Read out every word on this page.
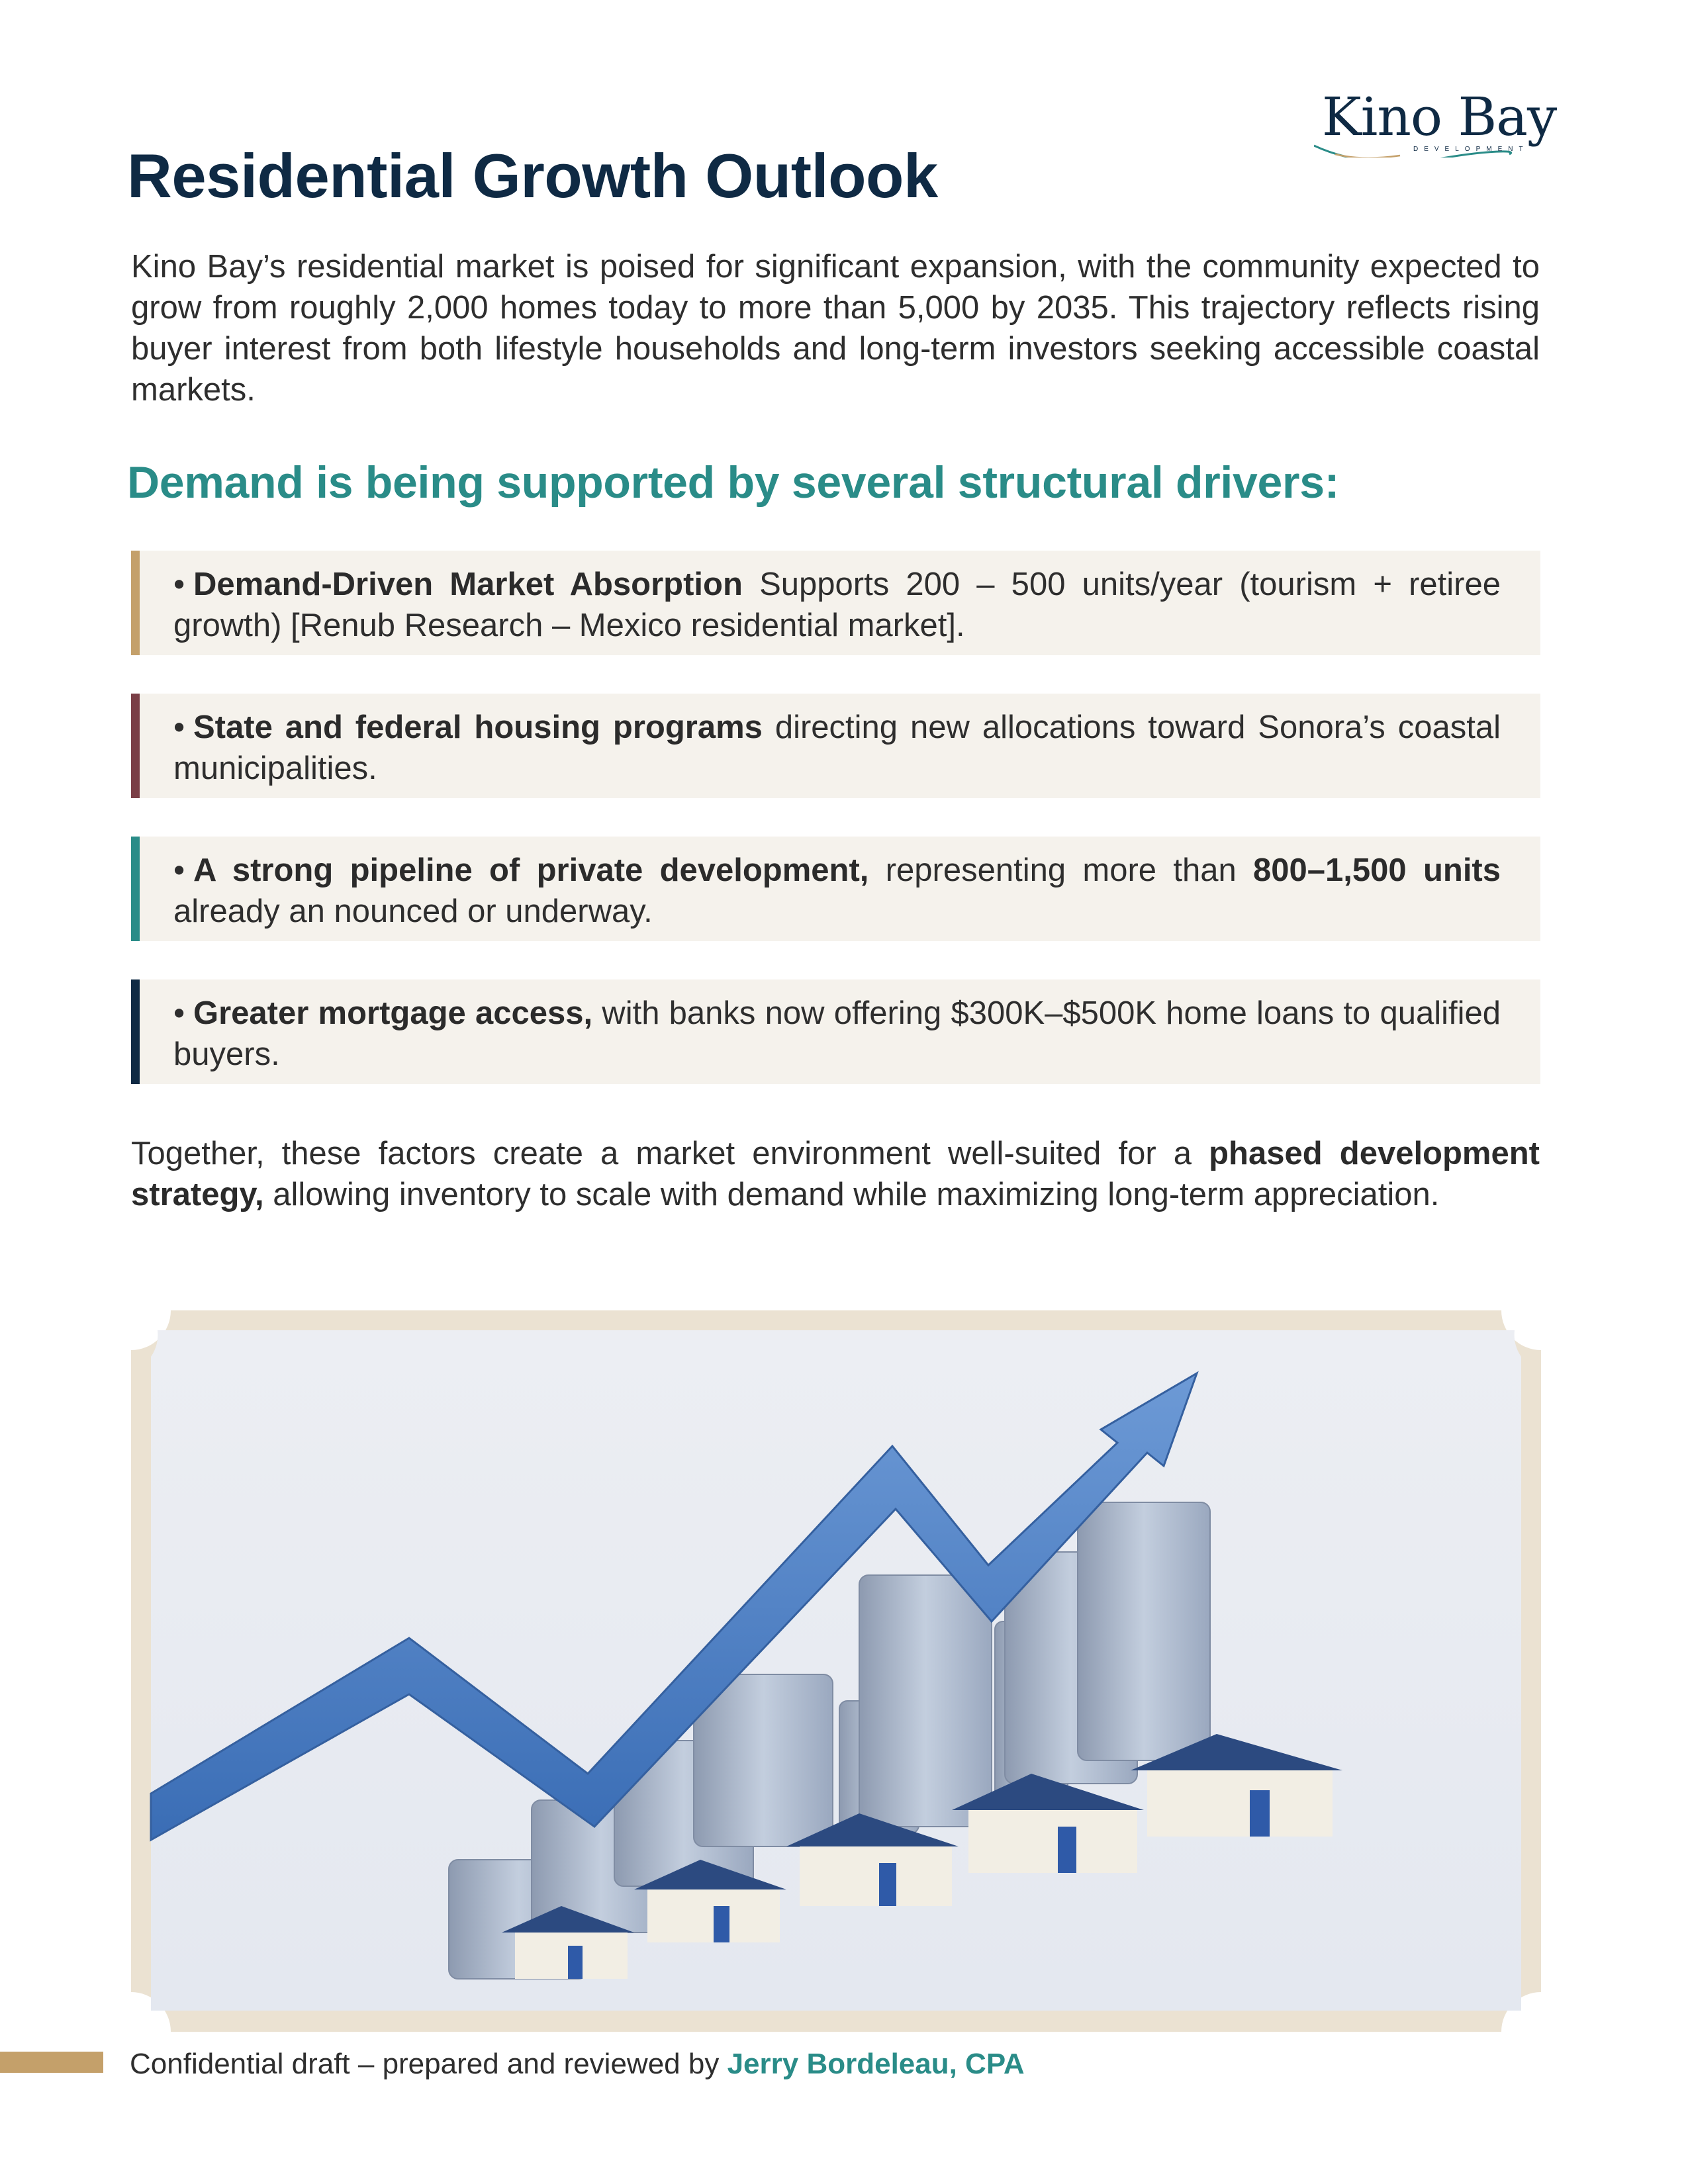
Kino Bay
DEVELOPMENT
Residential Growth Outlook
Kino Bay’s residential market is poised for significant expansion, with the community expected to grow from roughly 2,000 homes today to more than 5,000 by 2035. This trajectory reflects rising buyer interest from both lifestyle households and long-term investors seeking accessible coastal markets.
Demand is being supported by several structural drivers:
• Demand-Driven Market Absorption Supports 200 – 500 units/year (tourism + retiree growth) [Renub Research – Mexico residential market].
• State and federal housing programs directing new allocations toward Sonora’s coastal municipalities.
• A strong pipeline of private development, representing more than 800–1,500 units already an nounced or underway.
• Greater mortgage access, with banks now offering $300K–$500K home loans to qualified buyers.
Together, these factors create a market environment well-suited for a phased development strategy, allowing inventory to scale with demand while maximizing long-term appreciation.
Confidential draft – prepared and reviewed by Jerry Bordeleau, CPA
